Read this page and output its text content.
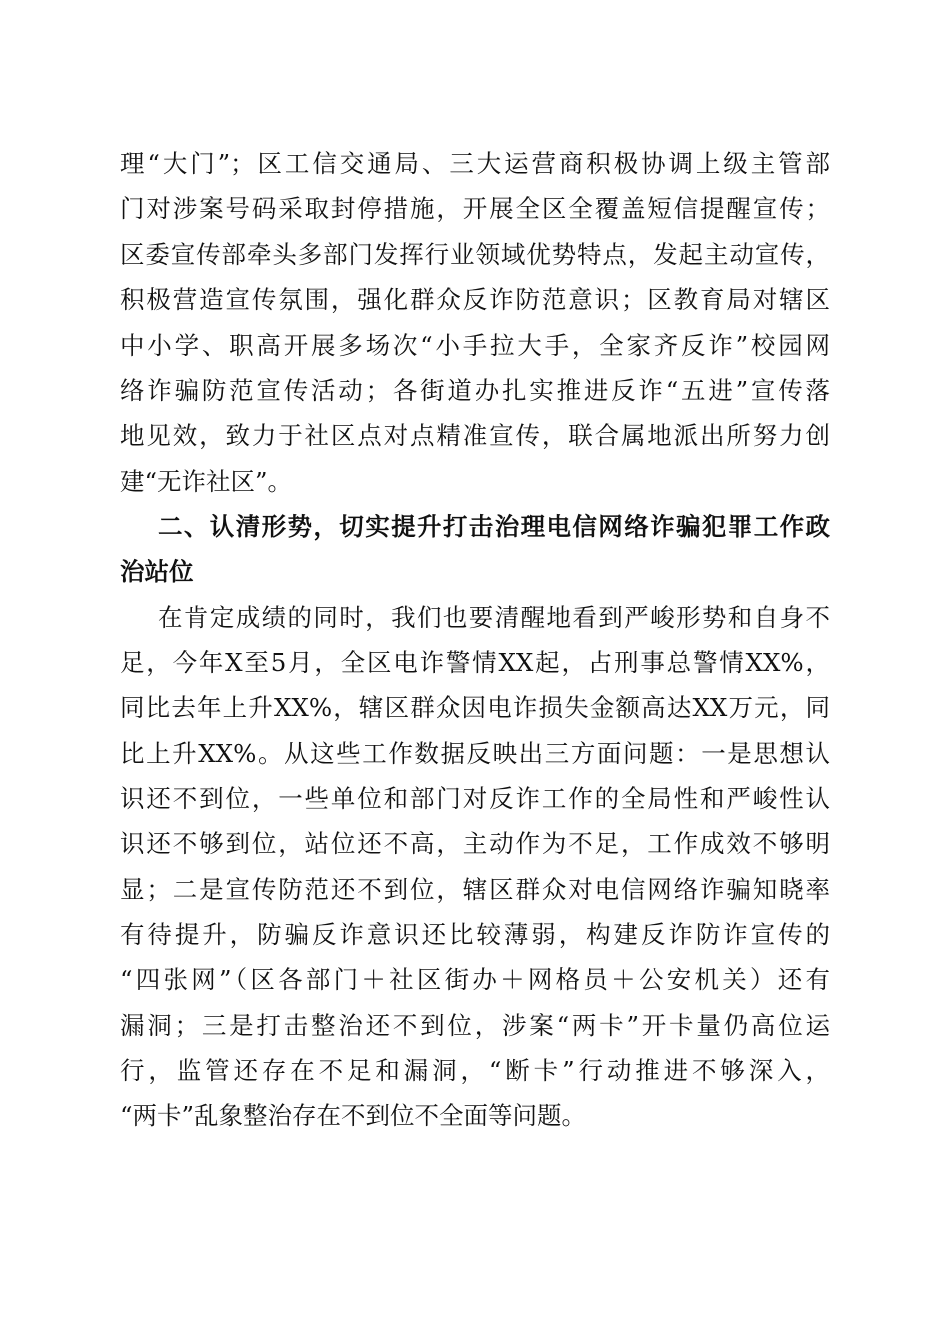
理“大门”；区工信交通局、三大运营商积极协调上级主管部
门对涉案号码采取封停措施，开展全区全覆盖短信提醒宣传；
区委宣传部牵头多部门发挥行业领域优势特点，发起主动宣传，
积极营造宣传氛围，强化群众反诈防范意识；区教育局对辖区
中小学、职高开展多场次“小手拉大手，全家齐反诈”校园网
络诈骗防范宣传活动；各街道办扎实推进反诈“五进”宣传落
地见效，致力于社区点对点精准宣传，联合属地派出所努力创
建“无诈社区”。
二、认清形势，切实提升打击治理电信网络诈骗犯罪工作政
治站位
在肯定成绩的同时，我们也要清醒地看到严峻形势和自身不
足，今年X至5月，全区电诈警情XX起，占刑事总警情XX%，
同比去年上升XX%，辖区群众因电诈损失金额高达XX万元，同
比上升XX%。从这些工作数据反映出三方面问题：一是思想认
识还不到位，一些单位和部门对反诈工作的全局性和严峻性认
识还不够到位，站位还不高，主动作为不足，工作成效不够明
显；二是宣传防范还不到位，辖区群众对电信网络诈骗知晓率
有待提升，防骗反诈意识还比较薄弱，构建反诈防诈宣传的
“四张网”（区各部门＋社区街办＋网格员＋公安机关）还有
漏洞；三是打击整治还不到位，涉案“两卡”开卡量仍高位运
行，监管还存在不足和漏洞，“断卡”行动推进不够深入，
“两卡”乱象整治存在不到位不全面等问题。
